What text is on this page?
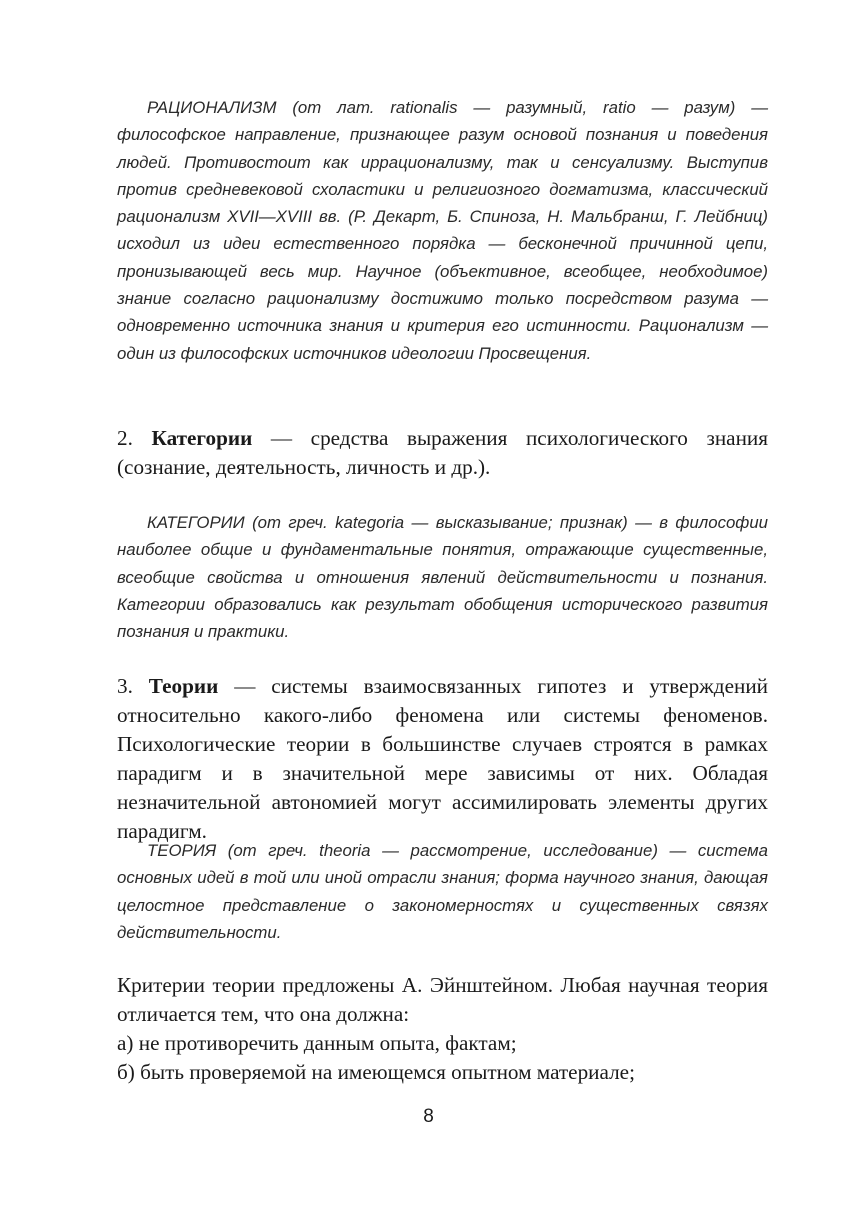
РАЦИОНАЛИЗМ (от лат. rationalis — разумный, ratio — разум) — философское направление, признающее разум основой познания и поведения людей. Противостоит как иррационализму, так и сенсуализму. Выступив против средневековой схоластики и религиозного догматизма, классический рационализм XVII—XVIII вв. (Р. Декарт, Б. Спиноза, Н. Мальбранш, Г. Лейбниц) исходил из идеи естественного порядка — бесконечной причинной цепи, пронизывающей весь мир. Научное (объективное, всеобщее, необходимое) знание согласно рационализму достижимо только посредством разума — одновременно источника знания и критерия его истинности. Рационализм — один из философских источников идеологии Просвещения.

2. Категории — средства выражения психологического знания (сознание, деятельность, личность и др.).

КАТЕГОРИИ (от греч. kategoria — высказывание; признак) — в философии наиболее общие и фундаментальные понятия, отражающие существенные, всеобщие свойства и отношения явлений действительности и познания. Категории образовались как результат обобщения исторического развития познания и практики.

3. Теории — системы взаимосвязанных гипотез и утверждений относительно какого-либо феномена или системы феноменов. Психологические теории в большинстве случаев строятся в рамках парадигм и в значительной мере зависимы от них. Обладая незначительной автономией могут ассимилировать элементы других парадигм.

ТЕОРИЯ (от греч. theoria — рассмотрение, исследование) — система основных идей в той или иной отрасли знания; форма научного знания, дающая целостное представление о закономерностях и существенных связях действительности.

Критерии теории предложены А. Эйнштейном. Любая научная теория отличается тем, что она должна:

а) не противоречить данным опыта, фактам;

б) быть проверяемой на имеющемся опытном материале;

8
